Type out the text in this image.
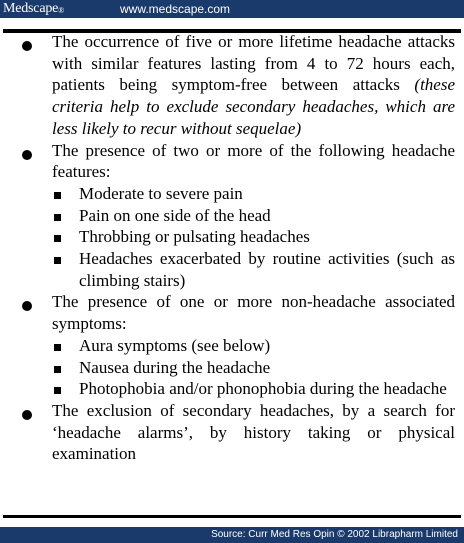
Medscape®	www.medscape.com
The occurrence of five or more lifetime headache attacks with similar features lasting from 4 to 72 hours each, patients being symptom-free between attacks (these criteria help to exclude secondary headaches, which are less likely to recur without sequelae)
The presence of two or more of the following headache features:
Moderate to severe pain
Pain on one side of the head
Throbbing or pulsating headaches
Headaches exacerbated by routine activities (such as climbing stairs)
The presence of one or more non-headache associated symptoms:
Aura symptoms (see below)
Nausea during the headache
Photophobia and/or phonophobia during the headache
The exclusion of secondary headaches, by a search for ‘headache alarms’, by history taking or physical examination
Source: Curr Med Res Opin © 2002 Librapharm Limited
